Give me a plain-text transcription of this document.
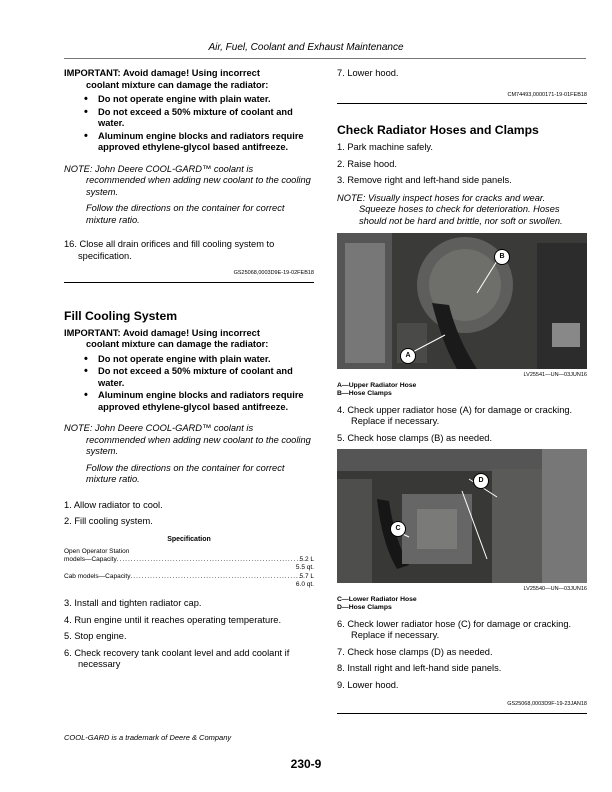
Air, Fuel, Coolant and Exhaust Maintenance
IMPORTANT: Avoid damage! Using incorrect
coolant mixture can damage the radiator:
• Do not operate engine with plain water.
• Do not exceed a 50% mixture of coolant and water.
• Aluminum engine blocks and radiators require approved ethylene-glycol based antifreeze.
NOTE: John Deere COOL-GARD™ coolant is
recommended when adding new coolant to the cooling system.
Follow the directions on the container for correct mixture ratio.
16. Close all drain orifices and fill cooling system to specification.
GS25068,0003D9E-19-02FEB18
Fill Cooling System
IMPORTANT: Avoid damage! Using incorrect
coolant mixture can damage the radiator:
• Do not operate engine with plain water.
• Do not exceed a 50% mixture of coolant and water.
• Aluminum engine blocks and radiators require approved ethylene-glycol based antifreeze.
NOTE: John Deere COOL-GARD™ coolant is
recommended when adding new coolant to the cooling system.
Follow the directions on the container for correct mixture ratio.
1. Allow radiator to cool.
2. Fill cooling system.
Specification
Open Operator Station
models—Capacity .....	5.2 L
5.5 qt.
Cab models—Capacity .....	5.7 L
6.0 qt.
3. Install and tighten radiator cap.
4. Run engine until it reaches operating temperature.
5. Stop engine.
6. Check recovery tank coolant level and add coolant if necessary
7. Lower hood.
CM74493,0000171-19-01FEB18
Check Radiator Hoses and Clamps
1. Park machine safely.
2. Raise hood.
3. Remove right and left-hand side panels.
NOTE: Visually inspect hoses for cracks and wear.
Squeeze hoses to check for deterioration. Hoses should not be hard and brittle, nor soft or swollen.
A
B
LV25541—UN—03JUN16
A—Upper Radiator Hose
B—Hose Clamps
4. Check upper radiator hose (A) for damage or cracking. Replace if necessary.
5. Check hose clamps (B) as needed.
D
C
LV25540—UN—03JUN16
C—Lower Radiator Hose
D—Hose Clamps
6. Check lower radiator hose (C) for damage or cracking. Replace if necessary.
7. Check hose clamps (D) as needed.
8. Install right and left-hand side panels.
9. Lower hood.
GS25068,0003D9F-19-23JAN18
COOL-GARD is a trademark of Deere & Company
230-9
